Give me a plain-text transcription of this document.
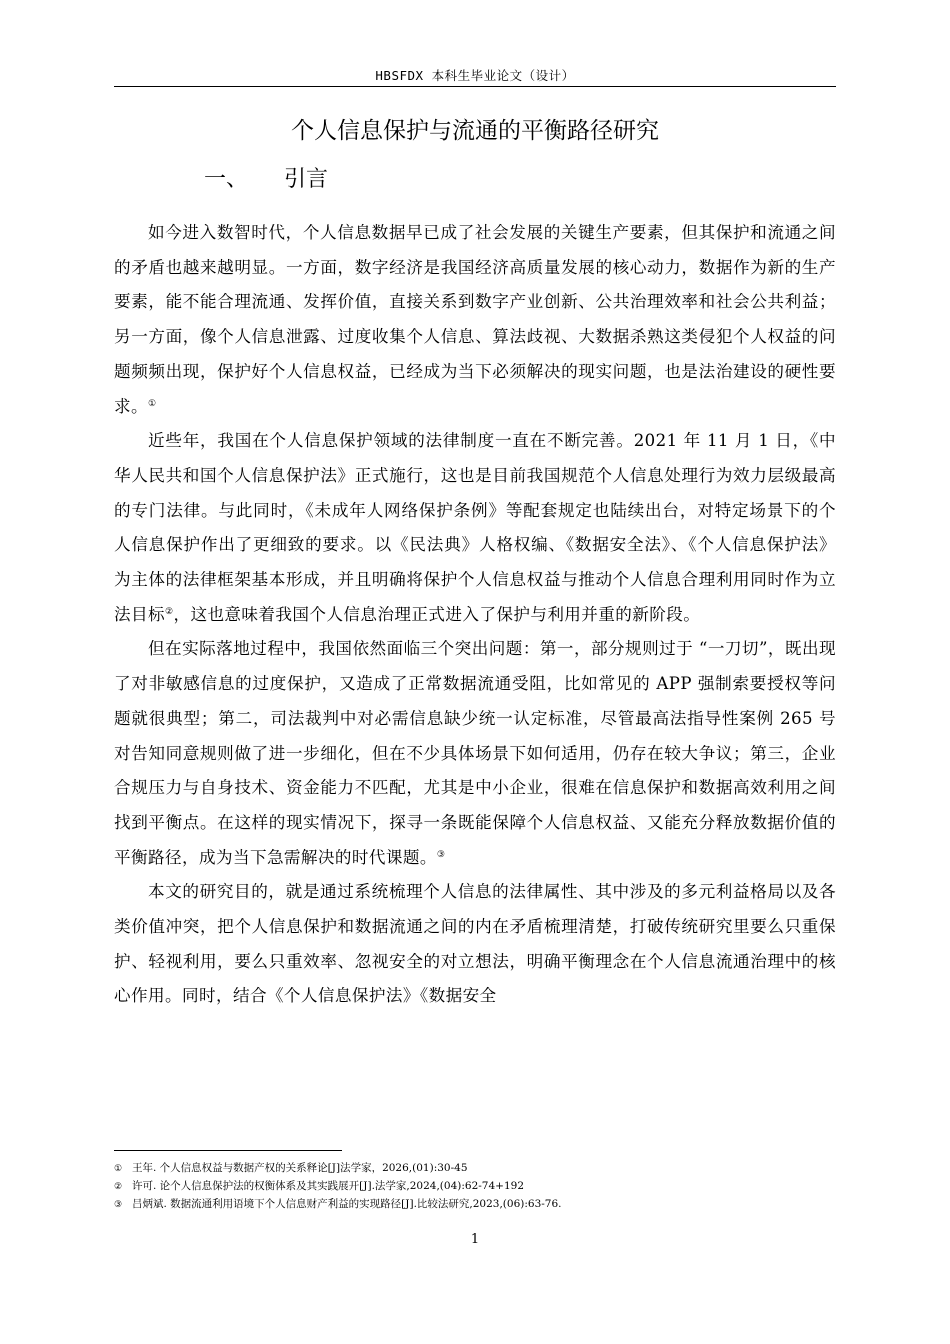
HBSFDX 本科生毕业论文（设计）
个人信息保护与流通的平衡路径研究
一、 引言

如今进入数智时代，个人信息数据早已成了社会发展的关键生产要素，但其保护和流通之间的矛盾也越来越明显。一方面，数字经济是我国经济高质量发展的核心动力，数据作为新的生产要素，能不能合理流通、发挥价值，直接关系到数字产业创新、公共治理效率和社会公共利益；另一方面，像个人信息泄露、过度收集个人信息、算法歧视、大数据杀熟这类侵犯个人权益的问题频频出现，保护好个人信息权益，已经成为当下必须解决的现实问题，也是法治建设的硬性要求。①

近些年，我国在个人信息保护领域的法律制度一直在不断完善。2021 年 11 月 1 日，《中华人民共和国个人信息保护法》正式施行，这也是目前我国规范个人信息处理行为效力层级最高的专门法律。与此同时，《未成年人网络保护条例》等配套规定也陆续出台，对特定场景下的个人信息保护作出了更细致的要求。以《民法典》人格权编、《数据安全法》、《个人信息保护法》为主体的法律框架基本形成，并且明确将保护个人信息权益与推动个人信息合理利用同时作为立法目标②，这也意味着我国个人信息治理正式进入了保护与利用并重的新阶段。

但在实际落地过程中，我国依然面临三个突出问题：第一，部分规则过于 “一刀切”，既出现了对非敏感信息的过度保护，又造成了正常数据流通受阻，比如常见的 APP 强制索要授权等问题就很典型；第二，司法裁判中对必需信息缺少统一认定标准，尽管最高法指导性案例 265 号对告知同意规则做了进一步细化，但在不少具体场景下如何适用，仍存在较大争议；第三，企业合规压力与自身技术、资金能力不匹配，尤其是中小企业，很难在信息保护和数据高效利用之间找到平衡点。在这样的现实情况下，探寻一条既能保障个人信息权益、又能充分释放数据价值的平衡路径，成为当下急需解决的时代课题。③

本文的研究目的，就是通过系统梳理个人信息的法律属性、其中涉及的多元利益格局以及各类价值冲突，把个人信息保护和数据流通之间的内在矛盾梳理清楚，打破传统研究里要么只重保护、轻视利用，要么只重效率、忽视安全的对立想法，明确平衡理念在个人信息流通治理中的核心作用。同时，结合《个人信息保护法》《数据安全

① 王年. 个人信息权益与数据产权的关系释论[J]法学家，2026,(01):30-45
② 许可. 论个人信息保护法的权衡体系及其实践展开[J].法学家,2024,(04):62-74+192
③ 吕炳斌. 数据流通利用语境下个人信息财产利益的实现路径[J].比较法研究,2023,(06):63-76.
1
